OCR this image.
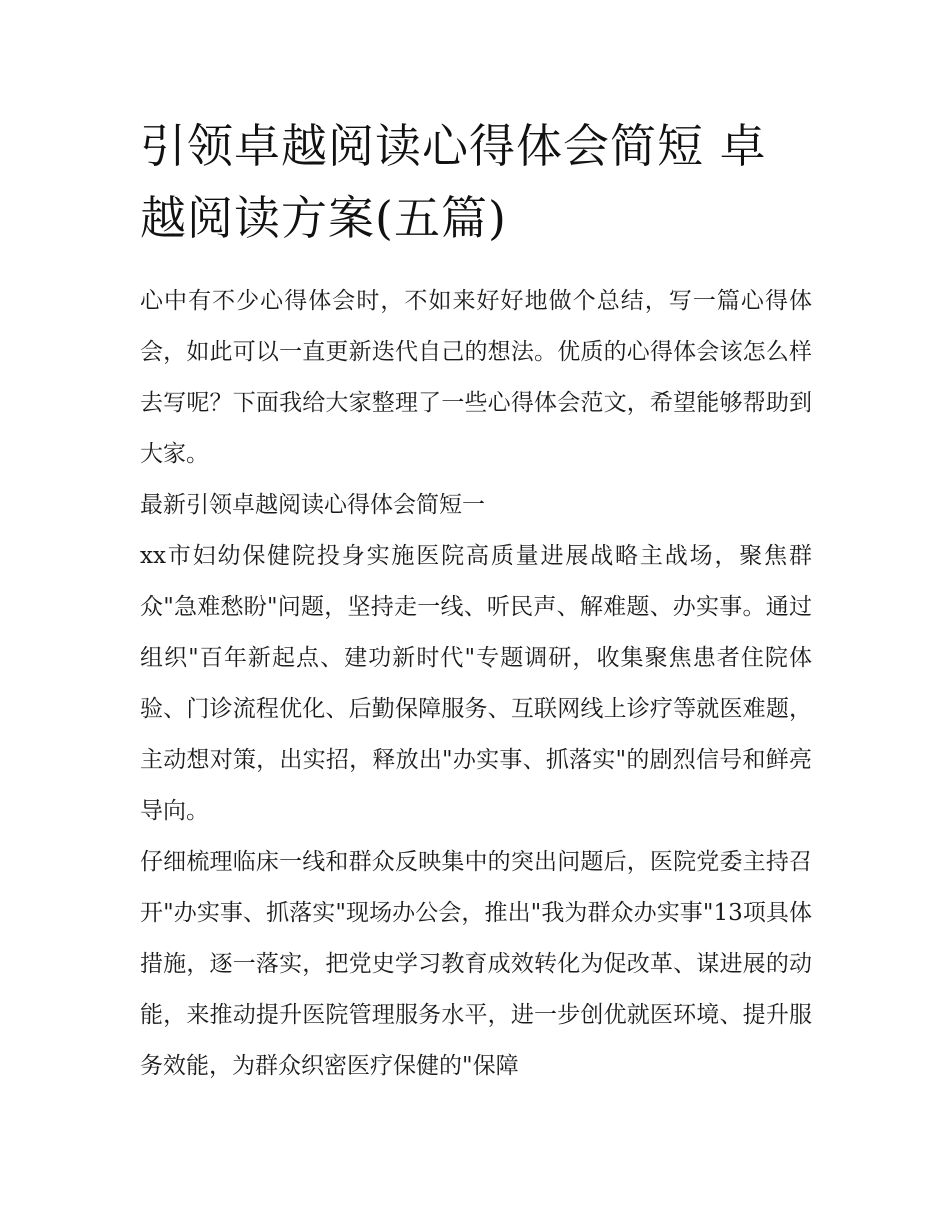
引领卓越阅读心得体会简短 卓越阅读方案(五篇)

心中有不少心得体会时，不如来好好地做个总结，写一篇心得体会，如此可以一直更新迭代自己的想法。优质的心得体会该怎么样去写呢？下面我给大家整理了一些心得体会范文，希望能够帮助到大家。

最新引领卓越阅读心得体会简短一

xx市妇幼保健院投身实施医院高质量进展战略主战场，聚焦群众"急难愁盼"问题，坚持走一线、听民声、解难题、办实事。通过组织"百年新起点、建功新时代"专题调研，收集聚焦患者住院体验、门诊流程优化、后勤保障服务、互联网线上诊疗等就医难题，主动想对策，出实招，释放出"办实事、抓落实"的剧烈信号和鲜亮导向。

仔细梳理临床一线和群众反映集中的突出问题后，医院党委主持召开"办实事、抓落实"现场办公会，推出"我为群众办实事"13项具体措施，逐一落实，把党史学习教育成效转化为促改革、谋进展的动能，来推动提升医院管理服务水平，进一步创优就医环境、提升服务效能，为群众织密医疗保健的"保障
